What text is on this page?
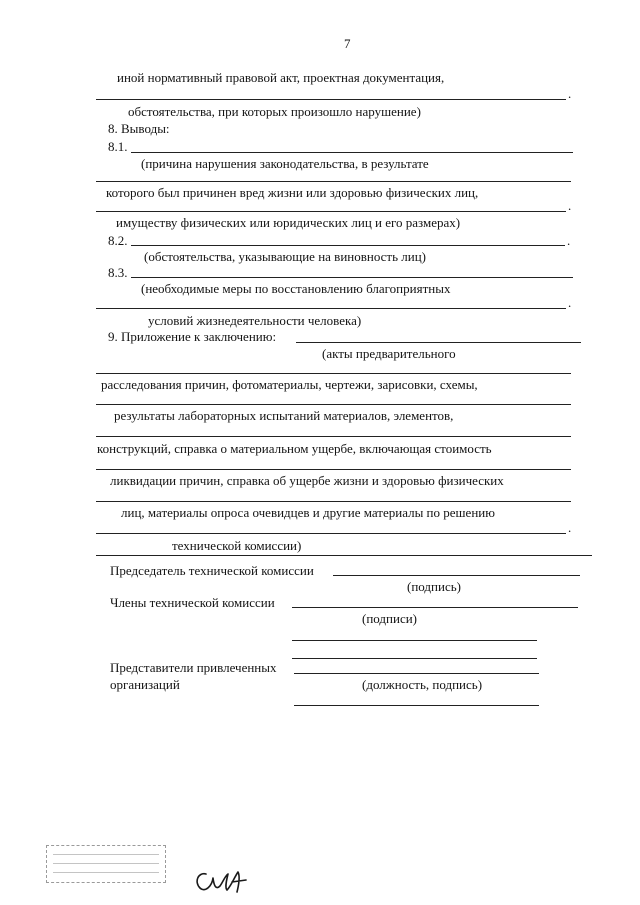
7
иной нормативный правовой акт, проектная документация,
.
обстоятельства, при которых произошло нарушение)
8. Выводы:
8.1.
(причина нарушения законодательства, в результате
которого был причинен вред жизни или здоровью физических лиц,
.
имуществу физических или юридических лиц и его размерах)
8.2.	.
(обстоятельства, указывающие на виновность лиц)
8.3.
(необходимые меры по восстановлению благоприятных
.
условий жизнедеятельности человека)
9. Приложение к заключению:
(акты предварительного
расследования причин, фотоматериалы, чертежи, зарисовки, схемы,
результаты лабораторных испытаний материалов, элементов,
конструкций, справка о материальном ущербе, включающая стоимость
ликвидации причин, справка об ущербе жизни и здоровью физических
лиц, материалы опроса очевидцев и другие материалы по решению
.
технической комиссии)
Председатель технической комиссии
(подпись)
Члены технической комиссии
(подписи)
Представители привлеченных
организаций	(должность, подпись)
